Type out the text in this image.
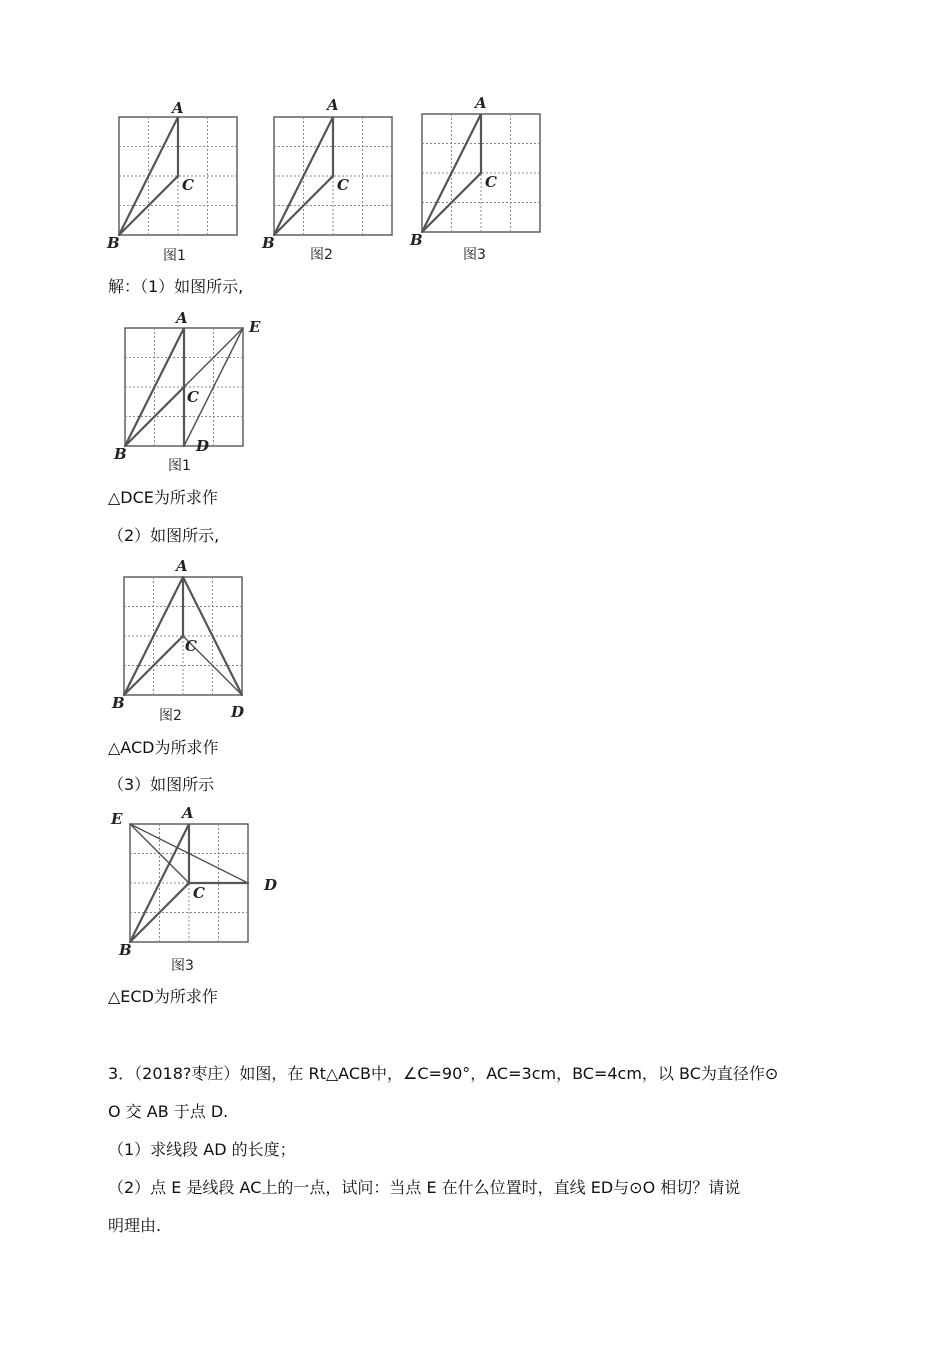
A
B
C
图1
A
B
C
图2
A
B
C
图3
解：（1）如图所示,
A
B
C
D
E
图1
△DCE为所求作
（2）如图所示,
A
B
C
D
图2
△ACD为所求作
（3）如图所示
A
B
C	D
E
图3
△ECD为所求作

3．（2018?枣庄）如图，在 Rt△ACB中，∠C=90°，AC=3cm，BC=4cm，以 BC为直径作⊙

O 交 AB 于点 D.

（1）求线段 AD 的长度；

（2）点 E 是线段 AC上的一点，试问：当点 E 在什么位置时，直线 ED与⊙O 相切？请说

明理由.
